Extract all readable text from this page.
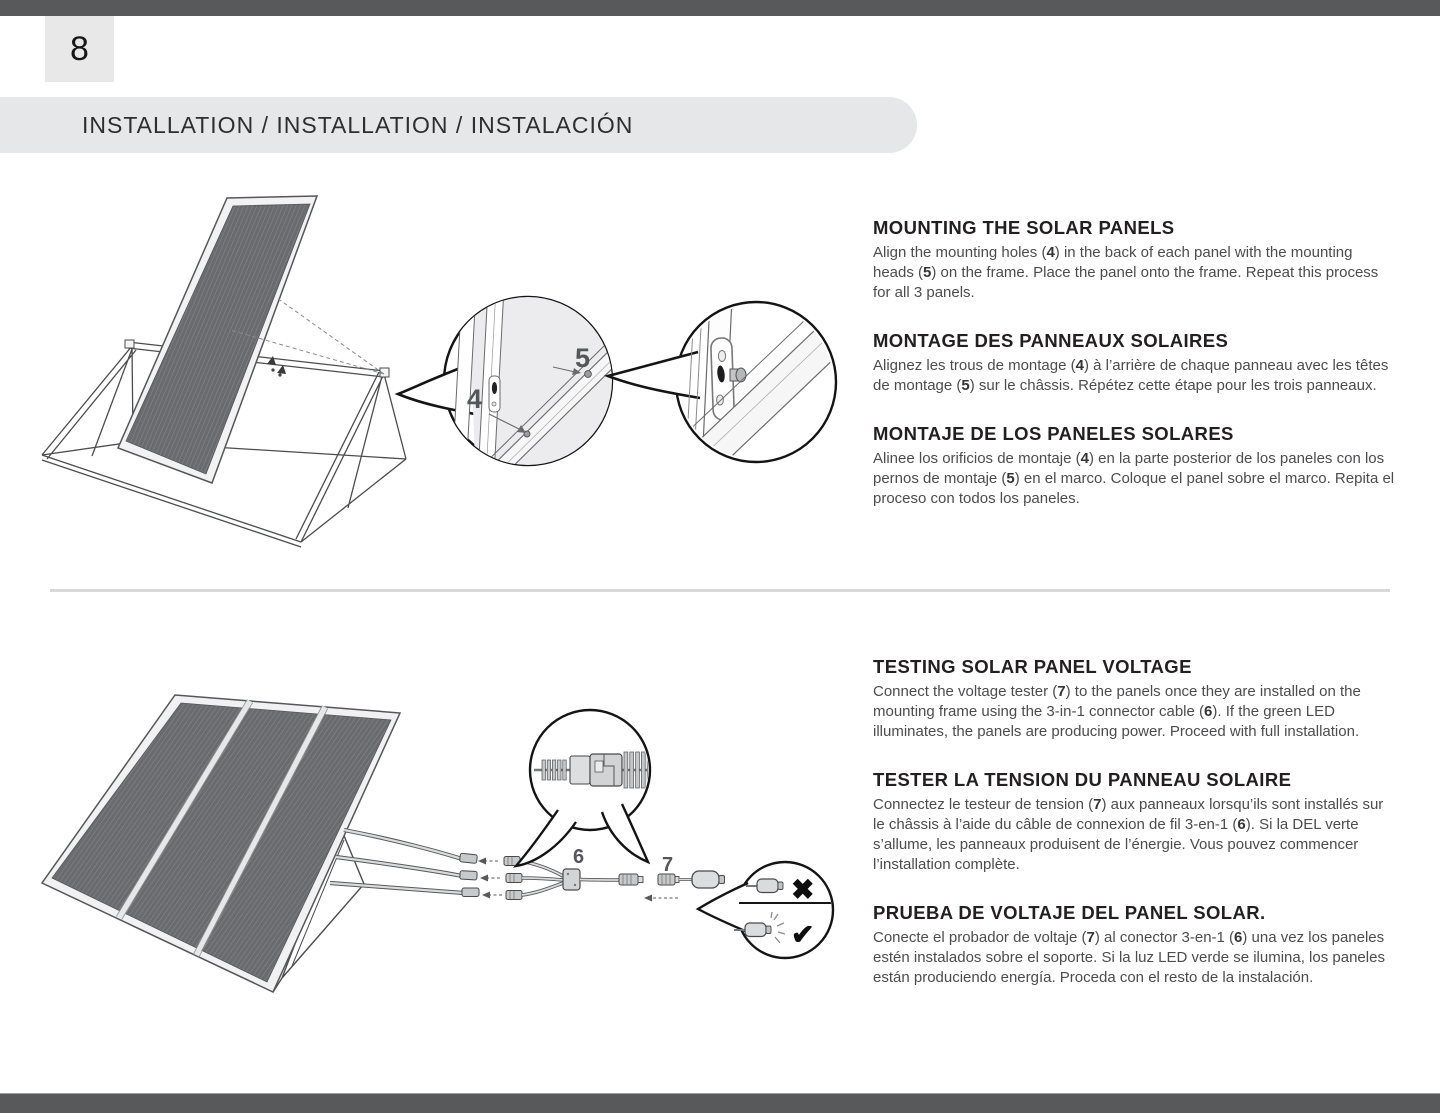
8
INSTALLATION / INSTALLATION / INSTALACIÓN
4
5
MOUNTING THE SOLAR PANELS

Align the mounting holes (4) in the back of each panel with the mounting heads (5) on the frame. Place the panel onto the frame. Repeat this process for all 3 panels.

MONTAGE DES PANNEAUX SOLAIRES

Alignez les trous de montage (4) à l’arrière de chaque panneau avec les têtes de montage (5) sur le châssis. Répétez cette étape pour les trois panneaux.

MONTAJE DE LOS PANELES SOLARES

Alinee los orificios de montaje (4) en la parte posterior de los paneles con los pernos de montaje (5) en el marco. Coloque el panel sobre el marco. Repita el proceso con todos los paneles.

6	7
✖
✔
TESTING SOLAR PANEL VOLTAGE

Connect the voltage tester (7) to the panels once they are installed on the mounting frame using the 3-in-1 connector cable (6). If the green LED illuminates, the panels are producing power. Proceed with full installation.

TESTER LA TENSION DU PANNEAU SOLAIRE

Connectez le testeur de tension (7) aux panneaux lorsqu’ils sont installés sur le châssis à l’aide du câble de connexion de fil 3-en-1 (6). Si la DEL verte s’allume, les panneaux produisent de l’énergie. Vous pouvez commencer l’installation complète.

PRUEBA DE VOLTAJE DEL PANEL SOLAR.

Conecte el probador de voltaje (7) al conector 3-en-1 (6) una vez los paneles estén instalados sobre el soporte. Si la luz LED verde se ilumina, los paneles están produciendo energía. Proceda con el resto de la instalación.
